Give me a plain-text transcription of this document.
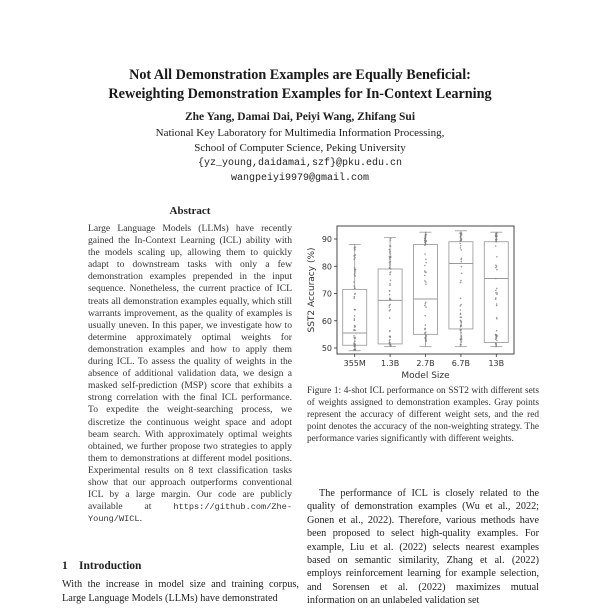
Not All Demonstration Examples are Equally Beneficial:
Reweighting Demonstration Examples for In-Context Learning
Zhe Yang, Damai Dai, Peiyi Wang, Zhifang Sui
National Key Laboratory for Multimedia Information Processing,
School of Computer Science, Peking University
{yz_young,daidamai,szf}@pku.edu.cn
wangpeiyi9979@gmail.com
Abstract
Large Language Models (LLMs) have recently gained the In-Context Learning (ICL) ability with the models scaling up, allowing them to quickly adapt to downstream tasks with only a few demonstration examples prepended in the input sequence. Nonetheless, the current practice of ICL treats all demonstration examples equally, which still warrants improvement, as the quality of examples is usually uneven. In this paper, we investigate how to determine approximately optimal weights for demonstration examples and how to apply them during ICL. To assess the quality of weights in the absence of additional validation data, we design a masked self-prediction (MSP) score that exhibits a strong correlation with the final ICL performance. To expedite the weight-searching process, we discretize the continuous weight space and adopt beam search. With approximately optimal weights obtained, we further propose two strategies to apply them to demonstrations at different model positions. Experimental results on 8 text classification tasks show that our approach outperforms conventional ICL by a large margin. Our code are publicly available at https://github.com/Zhe-Young/WICL.
1 Introduction
With the increase in model size and training corpus, Large Language Models (LLMs) have demonstrated
50
60
70
80
90
355M 1.3B 2.7B 6.7B 13B
Model Size
SST2 Accuracy (%)
Figure 1: 4-shot ICL performance on SST2 with different sets of weights assigned to demonstration examples. Gray points represent the accuracy of different weight sets, and the red point denotes the accuracy of the non-weighting strategy. The performance varies significantly with different weights.
The performance of ICL is closely related to the quality of demonstration examples (Wu et al., 2022; Gonen et al., 2022). Therefore, various methods have been proposed to select high-quality examples. For example, Liu et al. (2022) selects nearest examples based on semantic similarity, Zhang et al. (2022) employs reinforcement learning for example selection, and Sorensen et al. (2022) maximizes mutual information on an unlabeled validation set
